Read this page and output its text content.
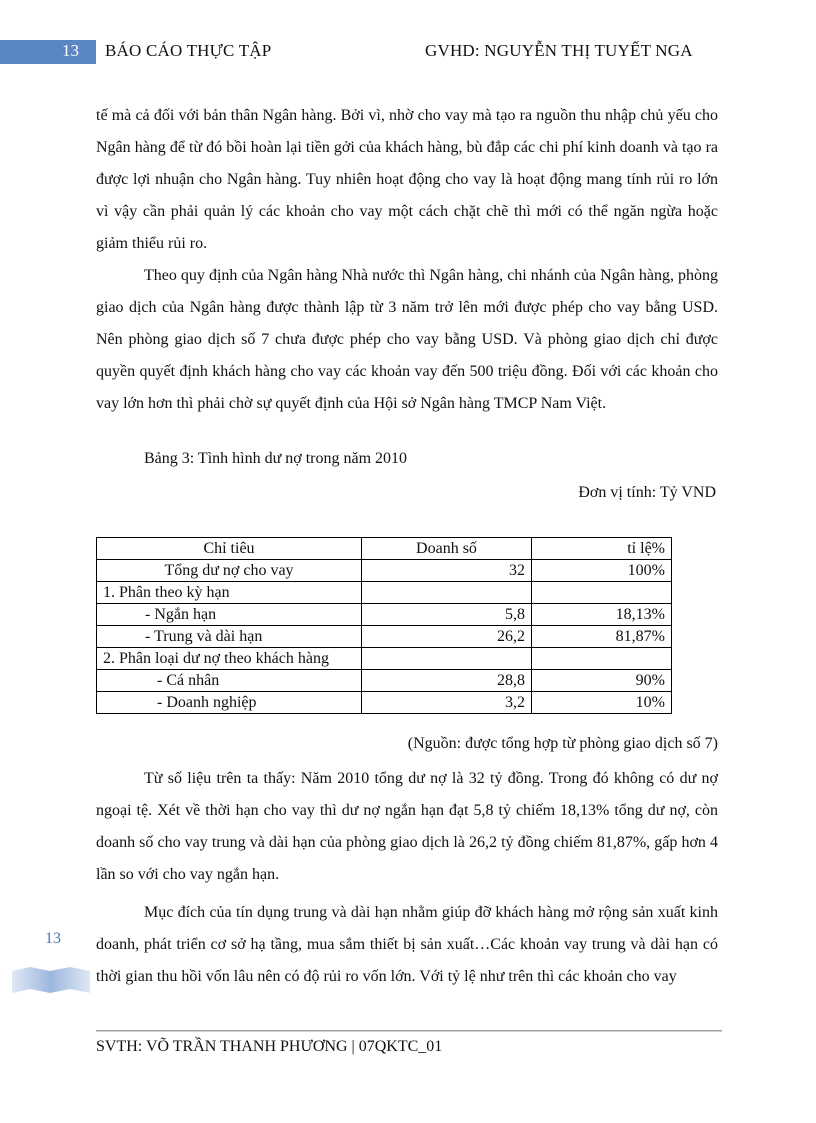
13 BÁO CÁO THỰC TẬP	GVHD: NGUYỄN THỊ TUYẾT NGA

tế mà cả đối với bản thân Ngân hàng. Bởi vì, nhờ cho vay mà tạo ra nguồn thu nhập chủ yếu cho Ngân hàng để từ đó bồi hoàn lại tiền gởi của khách hàng, bù đắp các chi phí kinh doanh và tạo ra được lợi nhuận cho Ngân hàng. Tuy nhiên hoạt động cho vay là hoạt động mang tính rủi ro lớn vì vậy cần phải quản lý các khoản cho vay một cách chặt chẽ thì mới có thể ngăn ngừa hoặc giảm thiểu rủi ro.

Theo quy định của Ngân hàng Nhà nước thì Ngân hàng, chi nhánh của Ngân hàng, phòng giao dịch của Ngân hàng được thành lập từ 3 năm trở lên mới được phép cho vay bằng USD. Nên phòng giao dịch số 7 chưa được phép cho vay bằng USD. Và phòng giao dịch chỉ được quyền quyết định khách hàng cho vay các khoản vay đến 500 triệu đồng. Đối với các khoản cho vay lớn hơn thì phải chờ sự quyết định của Hội sở Ngân hàng TMCP Nam Việt.

Bảng 3: Tình hình dư nợ trong năm 2010
Đơn vị tính: Tỷ VND
Chỉ tiêu	Doanh số	tỉ lệ%
Tổng dư nợ cho vay	32	100%
1. Phân theo kỳ hạn		
- Ngắn hạn	5,8	18,13%
- Trung và dài hạn	26,2	81,87%
2. Phân loại dư nợ theo khách hàng		
- Cá nhân	28,8	90%
- Doanh nghiệp	3,2	10%
(Nguồn: được tổng hợp từ phòng giao dịch số 7)

Từ số liệu trên ta thấy: Năm 2010 tổng dư nợ là 32 tỷ đồng. Trong đó không có dư nợ ngoại tệ. Xét về thời hạn cho vay thì dư nợ ngắn hạn đạt 5,8 tỷ chiếm 18,13% tổng dư nợ, còn doanh số cho vay trung và dài hạn của phòng giao dịch là 26,2 tỷ đồng chiếm 81,87%, gấp hơn 4 lần so với cho vay ngắn hạn.

Mục đích của tín dụng trung và dài hạn nhằm giúp đỡ khách hàng mở rộng sản xuất kinh doanh, phát triển cơ sở hạ tầng, mua sắm thiết bị sản xuất…Các khoản vay trung và dài hạn có thời gian thu hồi vốn lâu nên có độ rủi ro vốn lớn. Với tỷ lệ như trên thì các khoản cho vay

13
SVTH: VÕ TRẦN THANH PHƯƠNG | 07QKTC_01
